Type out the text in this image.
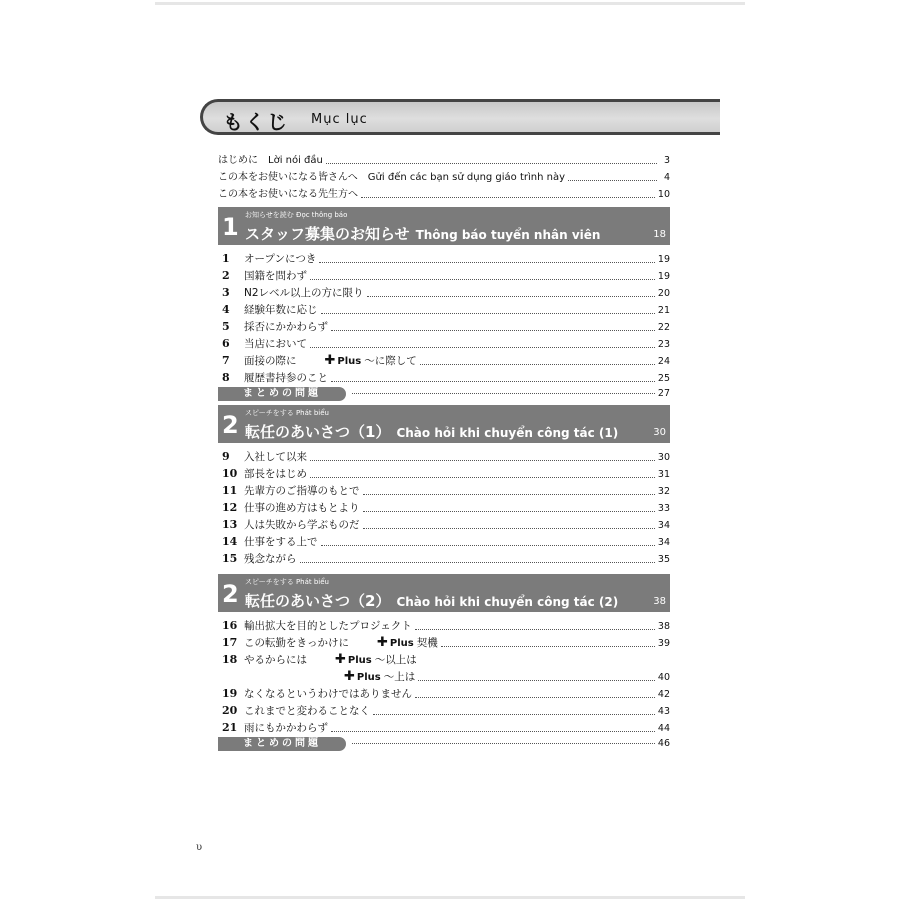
もくじ Mục lục
はじめに　Lời nói đầu	3
この本をお使いになる皆さんへ　Gửi đến các bạn sử dụng giáo trình này	4
この本をお使いになる先生方へ	10
1 お知らせを読む Đọc thông báo
スタッフ募集のお知らせ Thông báo tuyển nhân viên	18
1 オープンにつき	19
2 国籍を問わず	19
3 N2レベル以上の方に限り	20
4 経験年数に応じ	21
5 採否にかかわらず	22
6 当店において	23
7 面接の際に ✚ Plus ～に際して	24
8 履歴書持参のこと	25
まとめの問題	27
2 スピーチをする Phát biểu
転任のあいさつ（1） Chào hỏi khi chuyển công tác (1)	30
9 入社して以来	30
10 部長をはじめ	31
11 先輩方のご指導のもとで	32
12 仕事の進め方はもとより	33
13 人は失敗から学ぶものだ	34
14 仕事をする上で	34
15 残念ながら	35
2 スピーチをする Phát biểu
転任のあいさつ（2） Chào hỏi khi chuyển công tác (2)	38
16 輸出拡大を目的としたプロジェクト	38
17 この転勤をきっかけに ✚ Plus 契機	39
18 やるからには ✚ Plus ～以上は
✚ Plus ～上は	40
19 なくなるというわけではありません	42
20 これまでと変わることなく	43
21 雨にもかかわらず	44
まとめの問題	46
υ
